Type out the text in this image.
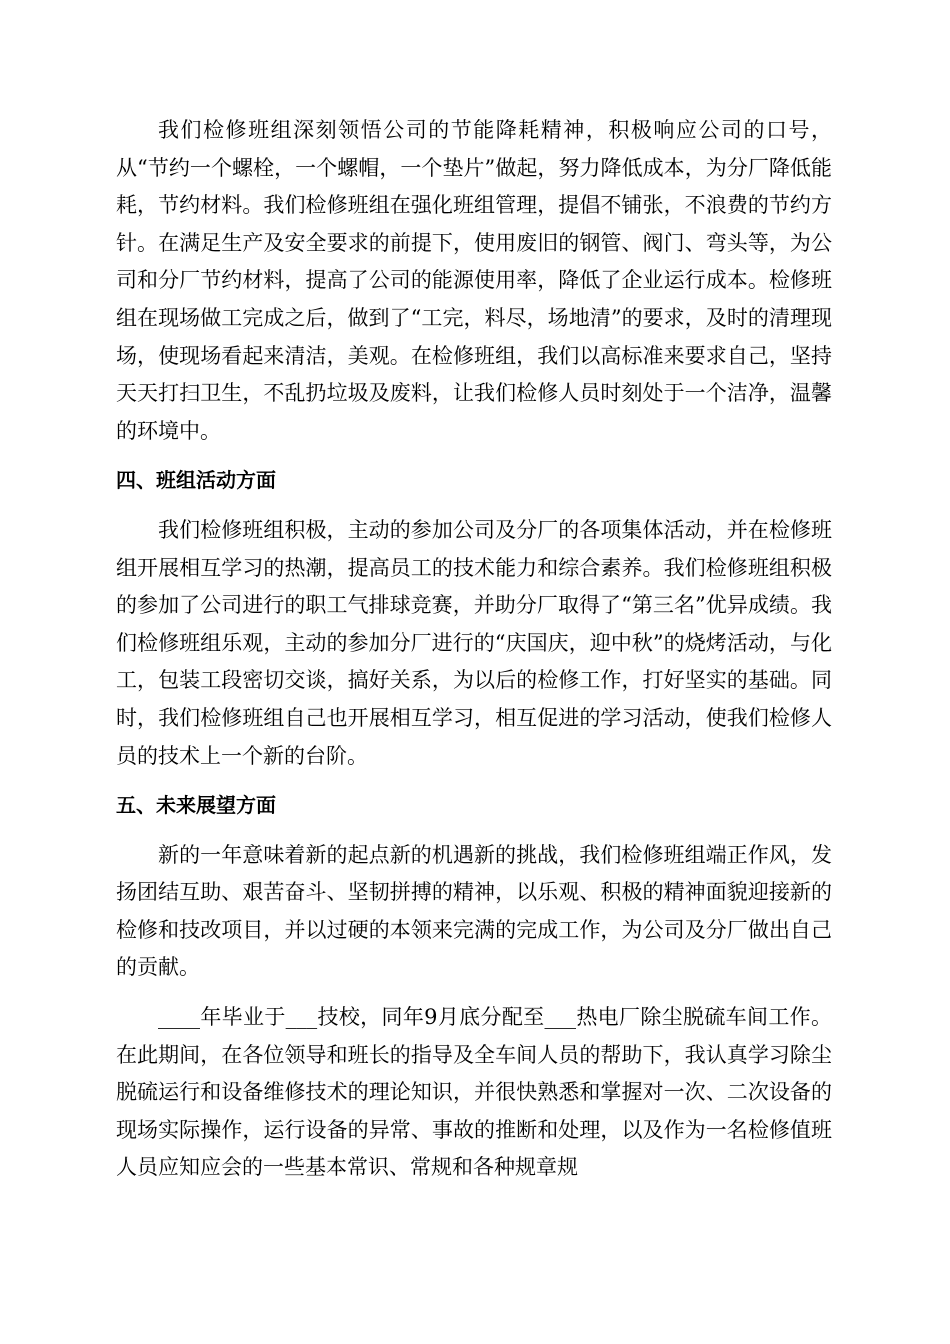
我们检修班组深刻领悟公司的节能降耗精神，积极响应公司的口号，从“节约一个螺栓，一个螺帽，一个垫片”做起，努力降低成本，为分厂降低能耗，节约材料。我们检修班组在强化班组管理，提倡不铺张，不浪费的节约方针。在满足生产及安全要求的前提下，使用废旧的钢管、阀门、弯头等，为公司和分厂节约材料，提高了公司的能源使用率，降低了企业运行成本。检修班组在现场做工完成之后，做到了“工完，料尽，场地清”的要求，及时的清理现场，使现场看起来清洁，美观。在检修班组，我们以高标准来要求自己，坚持天天打扫卫生，不乱扔垃圾及废料，让我们检修人员时刻处于一个洁净，温馨的环境中。

四、班组活动方面

我们检修班组积极，主动的参加公司及分厂的各项集体活动，并在检修班组开展相互学习的热潮，提高员工的技术能力和综合素养。我们检修班组积极的参加了公司进行的职工气排球竞赛，并助分厂取得了“第三名”优异成绩。我们检修班组乐观，主动的参加分厂进行的“庆国庆，迎中秋”的烧烤活动，与化工，包装工段密切交谈，搞好关系，为以后的检修工作，打好坚实的基础。同时，我们检修班组自己也开展相互学习，相互促进的学习活动，使我们检修人员的技术上一个新的台阶。

五、未来展望方面

新的一年意味着新的起点新的机遇新的挑战，我们检修班组端正作风，发扬团结互助、艰苦奋斗、坚韧拼搏的精神，以乐观、积极的精神面貌迎接新的检修和技改项目，并以过硬的本领来完满的完成工作，为公司及分厂做出自己的贡献。

____年毕业于___技校，同年9月底分配至___热电厂除尘脱硫车间工作。在此期间，在各位领导和班长的指导及全车间人员的帮助下，我认真学习除尘脱硫运行和设备维修技术的理论知识，并很快熟悉和掌握对一次、二次设备的现场实际操作，运行设备的异常、事故的推断和处理，以及作为一名检修值班人员应知应会的一些基本常识、常规和各种规章规
